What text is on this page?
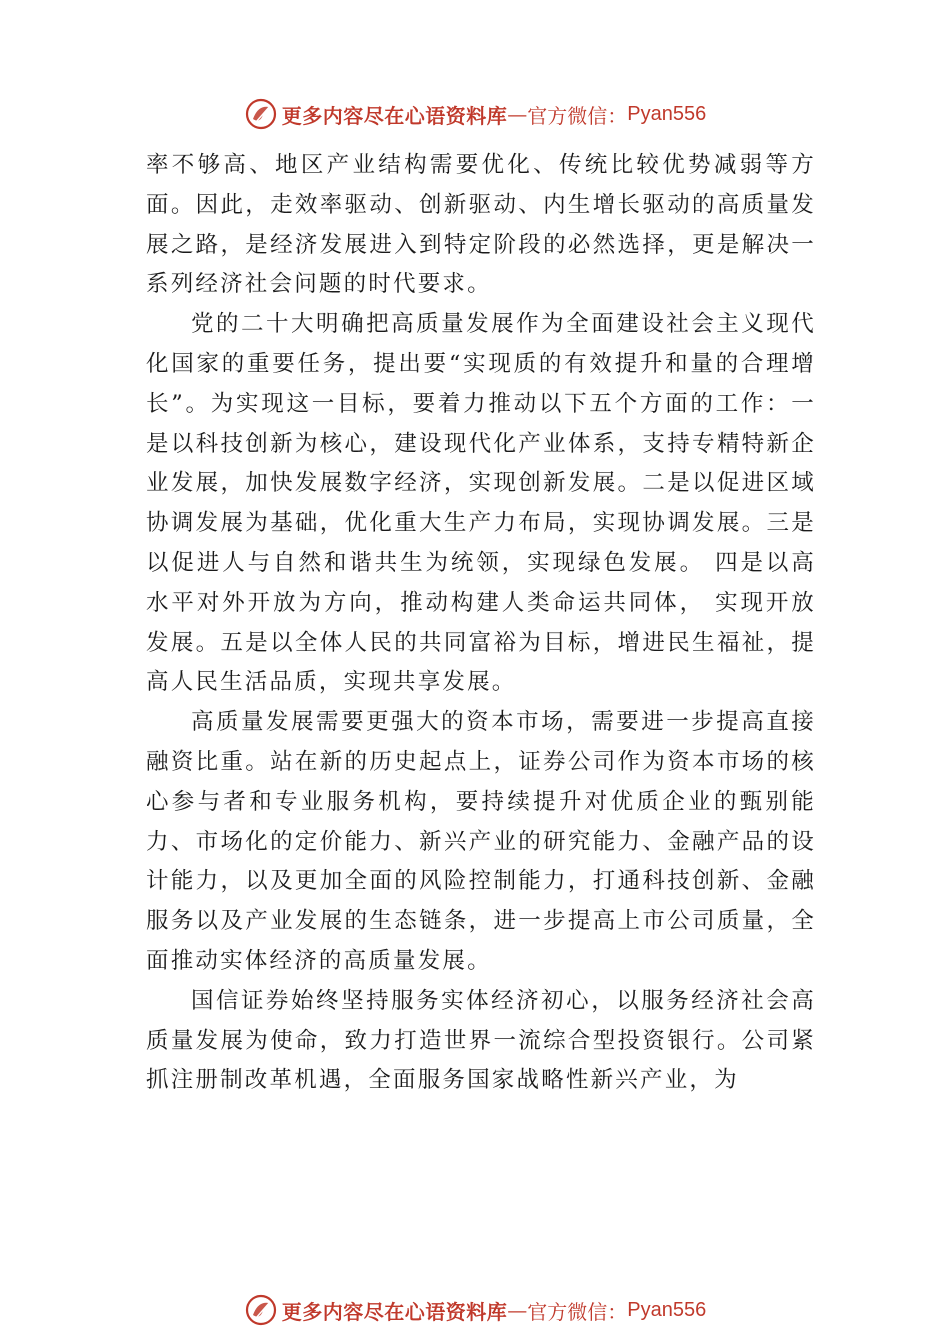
更多内容尽在心语资料库 — 官方微信： Pyan556

率不够高、地区产业结构需要优化、传统比较优势减弱等方面。因此，走效率驱动、创新驱动、内生增长驱动的高质量发展之路，是经济发展进入到特定阶段的必然选择，更是解决一系列经济社会问题的时代要求。

党的二十大明确把高质量发展作为全面建设社会主义现代化国家的重要任务，提出要“实现质的有效提升和量的合理增长”。为实现这一目标，要着力推动以下五个方面的工作：一是以科技创新为核心，建设现代化产业体系，支持专精特新企业发展，加快发展数字经济，实现创新发展。二是以促进区域协调发展为基础，优化重大生产力布局，实现协调发展。三是以促进人与自然和谐共生为统领，实现绿色发展。 四是以高水平对外开放为方向，推动构建人类命运共同体， 实现开放发展。五是以全体人民的共同富裕为目标，增进民生福祉，提高人民生活品质，实现共享发展。

高质量发展需要更强大的资本市场，需要进一步提高直接融资比重。站在新的历史起点上，证券公司作为资本市场的核心参与者和专业服务机构，要持续提升对优质企业的甄别能力、市场化的定价能力、新兴产业的研究能力、金融产品的设计能力，以及更加全面的风险控制能力，打通科技创新、金融服务以及产业发展的生态链条，进一步提高上市公司质量，全面推动实体经济的高质量发展。

国信证券始终坚持服务实体经济初心，以服务经济社会高质量发展为使命，致力打造世界一流综合型投资银行。公司紧抓注册制改革机遇，全面服务国家战略性新兴产业，为

更多内容尽在心语资料库 — 官方微信： Pyan556
